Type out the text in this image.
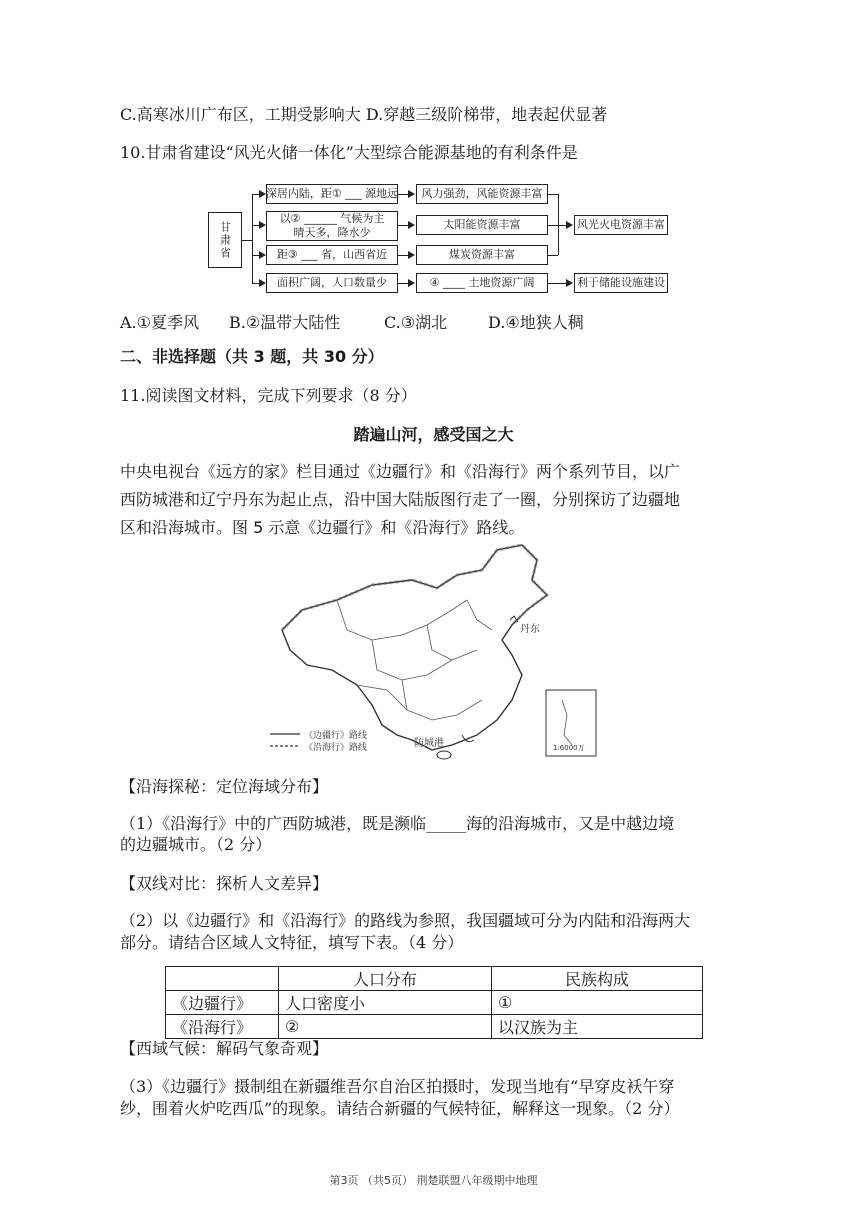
C.高寒冰川广布区，工期受影响大 D.穿越三级阶梯带，地表起伏显著
10.甘肃省建设“风光火储一体化”大型综合能源基地的有利条件是
甘肃省
深居内陆，距① ___ 源地远
以② ______ 气候为主
晴天多，降水少
距③ ___ 省，山西省近
面积广阔，人口数量少
风力强劲，风能资源丰富
太阳能资源丰富
煤炭资源丰富
④ ____ 土地资源广阔
风光火电资源丰富
利于储能设施建设
A.①夏季风 B.②温带大陆性	C.③湖北	D.④地狭人稠
二、非选择题（共 3 题，共 30 分）
11.阅读图文材料，完成下列要求（8 分）
踏遍山河，感受国之大
中央电视台《远方的家》栏目通过《边疆行》和《沿海行》两个系列节目，以广
西防城港和辽宁丹东为起止点，沿中国大陆版图行走了一圈，分别探访了边疆地
区和沿海城市。图 5 示意《边疆行》和《沿海行》路线。
丹东
防城港
《边疆行》路线
《沿海行》路线	1:6000万
【沿海探秘：定位海域分布】
（1）《沿海行》中的广西防城港，既是濒临_____海的沿海城市，又是中越边境
的边疆城市。（2 分）
【双线对比：探析人文差异】
（2）以《边疆行》和《沿海行》的路线为参照，我国疆域可分为内陆和沿海两大
部分。请结合区域人文特征，填写下表。（4 分）
	人口分布	民族构成
《边疆行》	人口密度小	①
《沿海行》	②	以汉族为主
【西域气候：解码气象奇观】
（3）《边疆行》摄制组在新疆维吾尔自治区拍摄时，发现当地有“早穿皮袄午穿
纱，围着火炉吃西瓜”的现象。请结合新疆的气候特征，解释这一现象。（2 分）
第3页 （共5页） 荆楚联盟八年级期中地理
